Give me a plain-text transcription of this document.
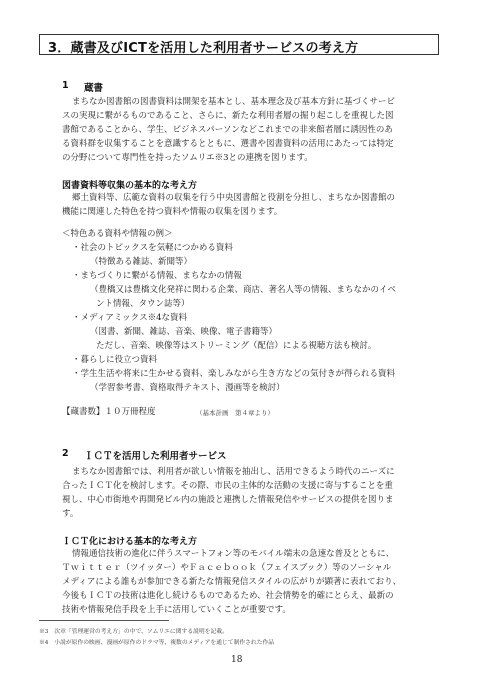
3．蔵書及びICTを活用した利用者サービスの考え方
1 蔵書
まちなか図書館の図書資料は開架を基本とし、基本理念及び基本方針に基づくサービ
スの実現に繋がるものであること、さらに、新たな利用者層の掘り起こしを重視した図
書館であることから、学生、ビジネスパーソンなどこれまでの非来館者層に誘因性のあ
る資料群を収集することを意識するとともに、選書や図書資料の活用にあたっては特定
の分野について専門性を持ったソムリエ※3との連携を図ります。
図書資料等収集の基本的な考え方
郷土資料等、広範な資料の収集を行う中央図書館と役割を分担し、まちなか図書館の
機能に関連した特色を持つ資料や情報の収集を図ります。
＜特色ある資料や情報の例＞
・社会のトピックスを気軽につかめる資料
（特徴ある雑誌、新聞等）
・まちづくりに繋がる情報、まちなかの情報
（豊橋又は豊橋文化発祥に関わる企業、商店、著名人等の情報、まちなかのイベ
ント情報、タウン誌等）
・メディアミックス※4な資料
（図書、新聞、雑誌、音楽、映像、電子書籍等）
ただし、音楽、映像等はストリーミング（配信）による視聴方法も検討。
・暮らしに役立つ資料
・学生生活や将来に生かせる資料、楽しみながら生き方などの気付きが得られる資料
（学習参考書、資格取得テキスト、漫画等を検討）
【蔵書数】１０万冊程度	（基本計画　第４章より）
2 ＩＣＴを活用した利用者サービス
まちなか図書館では、利用者が欲しい情報を抽出し、活用できるよう時代のニーズに
合ったＩＣＴ化を検討します。その際、市民の主体的な活動の支援に寄与することを重
視し、中心市街地や再開発ビル内の施設と連携した情報発信やサービスの提供を図りま
す。
ＩＣＴ化における基本的な考え方
情報通信技術の進化に伴うスマートフォン等のモバイル端末の急速な普及とともに、
Ｔｗｉｔｔｅｒ（ツイッター）やＦａｃｅｂｏｏｋ（フェイスブック）等のソーシャル
メディアによる誰もが参加できる新たな情報発信スタイルの広がりが顕著に表れており、
今後もＩＣＴの技術は進化し続けるものであるため、社会情勢を的確にとらえ、最新の
技術や情報発信手段を上手に活用していくことが重要です。
※3　次章「管理運営の考え方」の中で、ソムリエに関する説明を記載。
※4　小説が原作の映画、漫画が原作のドラマ等、複数のメディアを通じて制作された作品
18
